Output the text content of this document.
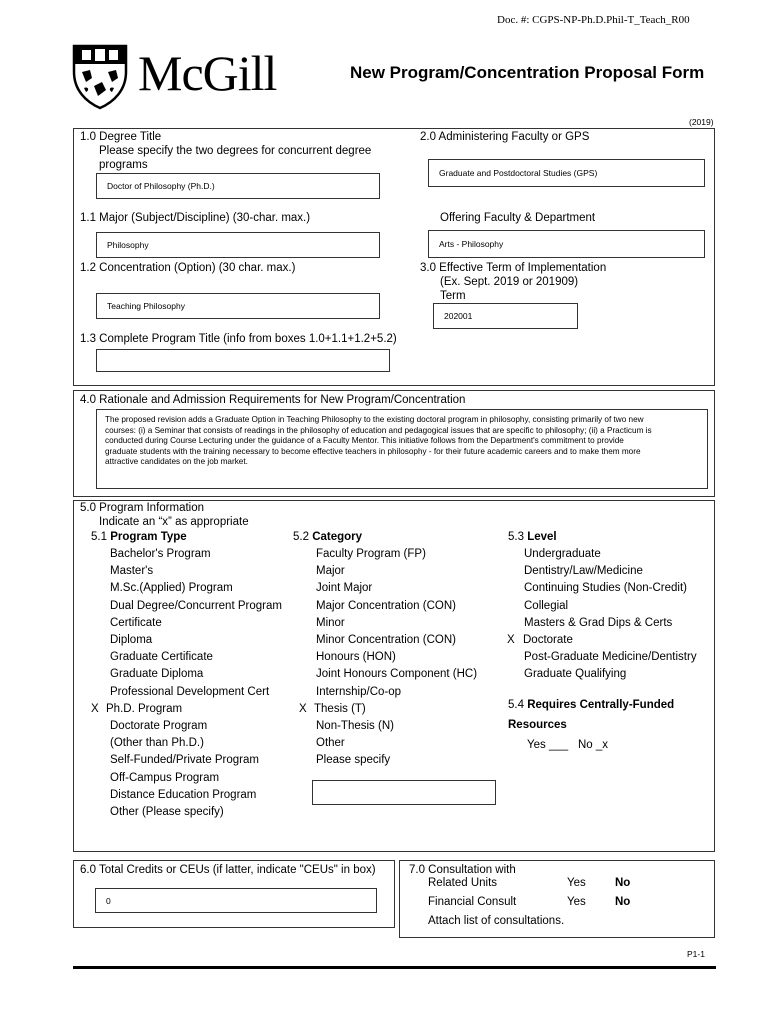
Doc. #: CGPS-NP-Ph.D.Phil-T_Teach_R00
McGill	New Program/Concentration Proposal Form
(2019)
1.0 Degree Title
Please specify the two degrees for concurrent degree
programs
Doctor of Philosophy (Ph.D.)
2.0 Administering Faculty or GPS
Graduate and Postdoctoral Studies (GPS)
1.1 Major (Subject/Discipline) (30-char. max.)
Philosophy
Offering Faculty & Department
Arts - Philosophy
1.2 Concentration (Option) (30 char. max.)
Teaching Philosophy
3.0 Effective Term of Implementation
(Ex. Sept. 2019 or 201909)
Term
202001
1.3 Complete Program Title (info from boxes 1.0+1.1+1.2+5.2)
4.0 Rationale and Admission Requirements for New Program/Concentration
The proposed revision adds a Graduate Option in Teaching Philosophy to the existing doctoral program in philosophy, consisting primarily of two new
courses: (i) a Seminar that consists of readings in the philosophy of education and pedagogical issues that are specific to philosophy; (ii) a Practicum is
conducted during Course Lecturing under the guidance of a Faculty Mentor. This initiative follows from the Department's commitment to provide
graduate students with the training necessary to become effective teachers in philosophy - for their future academic careers and to make them more
attractive candidates on the job market.
5.0 Program Information
Indicate an “x” as appropriate
5.1 Program Type
Bachelor's Program
Master's
M.Sc.(Applied) Program
Dual Degree/Concurrent Program
Certificate
Diploma
Graduate Certificate
Graduate Diploma
Professional Development Cert
X Ph.D. Program
Doctorate Program
(Other than Ph.D.)
Self-Funded/Private Program
Off-Campus Program
Distance Education Program
Other (Please specify)
5.2 Category
Faculty Program (FP)
Major
Joint Major
Major Concentration (CON)
Minor
Minor Concentration (CON)
Honours (HON)
Joint Honours Component (HC)
Internship/Co-op
X Thesis (T)
Non-Thesis (N)
Other
Please specify
5.3 Level
Undergraduate
Dentistry/Law/Medicine
Continuing Studies (Non-Credit)
Collegial
Masters & Grad Dips & Certs
X Doctorate
Post-Graduate Medicine/Dentistry
Graduate Qualifying
5.4 Requires Centrally-Funded
Resources
Yes ___ No _x
6.0 Total Credits or CEUs (if latter, indicate "CEUs" in box)
0
7.0 Consultation with
Related Units	Yes	No
Financial Consult	Yes	No
Attach list of consultations.
P1-1
